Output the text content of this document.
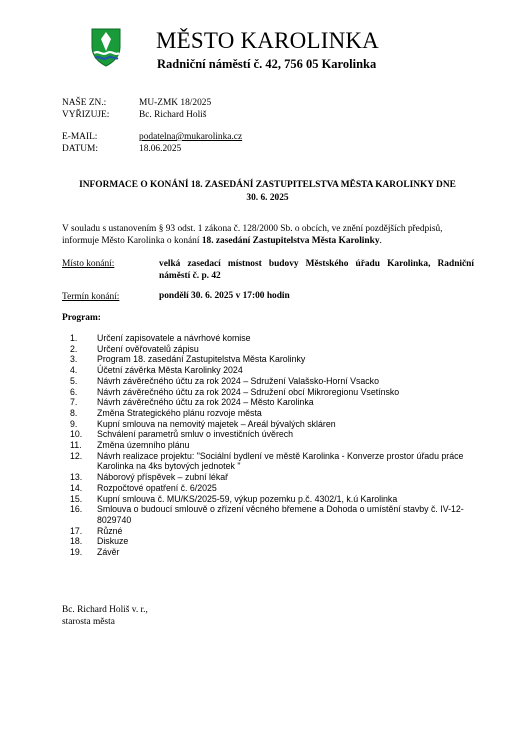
MĚSTO KAROLINKA
Radniční náměstí č. 42, 756 05 Karolinka
NAŠE ZN.:	MU-ZMK 18/2025
VYŘIZUJE:	Bc. Richard Holiš
E-MAIL:	podatelna@mukarolinka.cz
DATUM:	18.06.2025
INFORMACE O KONÁNÍ 18. ZASEDÁNÍ ZASTUPITELSTVA MĚSTA KAROLINKY DNE
30. 6. 2025
V souladu s ustanovením § 93 odst. 1 zákona č. 128/2000 Sb. o obcích, ve znění pozdějších předpisů, informuje Město Karolinka o konání 18. zasedání Zastupitelstva Města Karolinky.
Místo konání:	velká zasedací místnost budovy Městského úřadu Karolinka, Radniční náměstí č. p. 42
Termín konání:	pondělí 30. 6. 2025 v 17:00 hodin
Program:
1.	Určení zapisovatele a návrhové komise
2.	Určení ověřovatelů zápisu
3.	Program 18. zasedání Zastupitelstva Města Karolinky
4.	Účetní závěrka Města Karolinky 2024
5.	Návrh závěrečného účtu za rok 2024 – Sdružení Valašsko-Horní Vsacko
6.	Návrh závěrečného účtu za rok 2024 – Sdružení obcí Mikroregionu Vsetínsko
7.	Návrh závěrečného účtu za rok 2024 – Město Karolinka
8.	Změna Strategického plánu rozvoje města
9.	Kupní smlouva na nemovitý majetek – Areál bývalých skláren
10.	Schválení parametrů smluv o investičních úvěrech
11.	Změna územního plánu
12.	Návrh realizace projektu: "Sociální bydlení ve městě Karolinka - Konverze prostor úřadu práce Karolinka na 4ks bytových jednotek "
13.	Náborový příspěvek – zubní lékař
14.	Rozpočtové opatření č. 6/2025
15.	Kupní smlouva č. MU/KS/2025-59, výkup pozemku p.č. 4302/1, k.ú Karolinka
16.	Smlouva o budoucí smlouvě o zřízení věcného břemene a Dohoda o umístění stavby č. IV-12-8029740
17.	Různé
18.	Diskuze
19.	Závěr
Bc. Richard Holiš v. r.,
starosta města
